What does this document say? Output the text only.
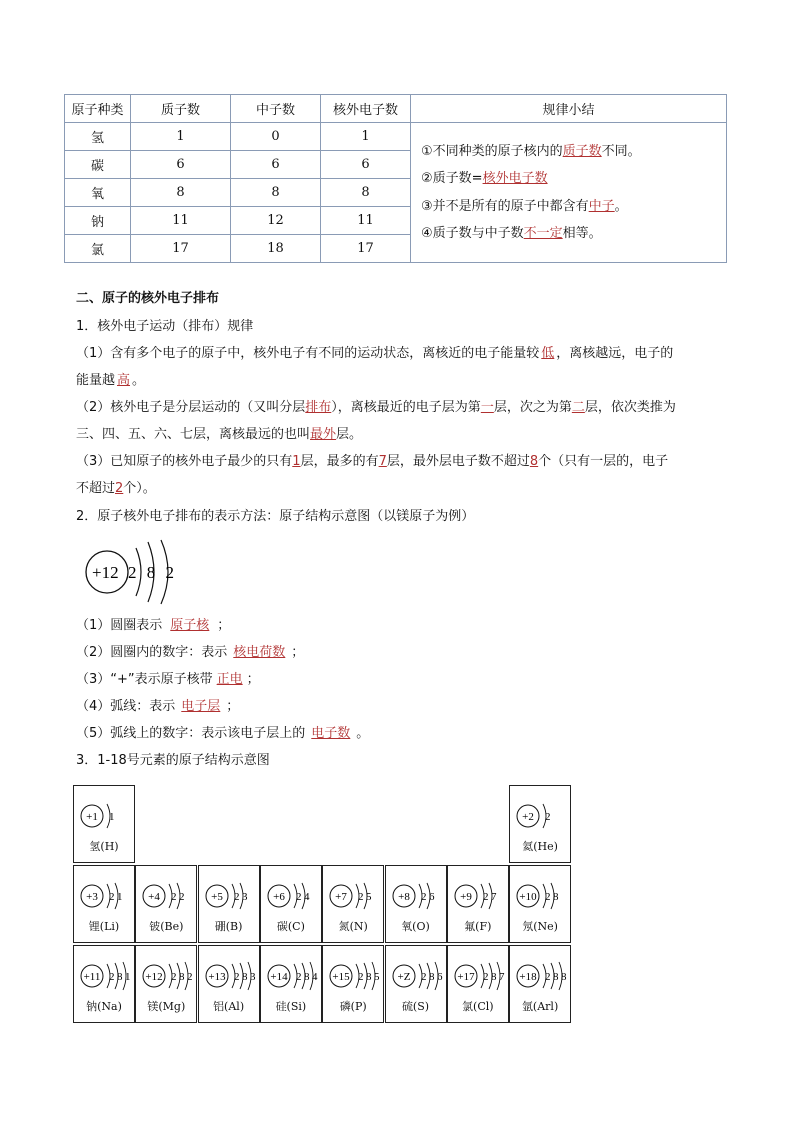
原子种类	质子数	中子数	核外电子数	规律小结
氢	1	0	1	①不同种类的原子核内的质子数不同。
②质子数=核外电子数
③并不是所有的原子中都含有中子。
④质子数与中子数不一定相等。

碳	6	6	6	
氧	8	8	8	
钠	11	12	11	
氯	17	18	17	
二、原子的核外电子排布
1．核外电子运动（排布）规律
（1）含有多个电子的原子中，核外电子有不同的运动状态，离核近的电子能量较 低 ，离核越远，电子的
能量越 高 。
（2）核外电子是分层运动的（又叫分层排布），离核最近的电子层为第一层，次之为第二层，依次类推为
三、四、五、六、七层，离核最远的也叫最外层。
（3）已知原子的核外电子最少的只有1层，最多的有7层，最外层电子数不超过8个（只有一层的，电子
不超过2个）。
2．原子核外电子排布的表示方法：原子结构示意图（以镁原子为例）
+12 2 8 2
（1）圆圈表示 原子核 ；
（2）圆圈内的数字：表示 核电荷数 ；
（3）“+”表示原子核带 正电 ；
（4）弧线：表示 电子层 ；
（5）弧线上的数字：表示该电子层上的 电子数 。
3．1-18号元素的原子结构示意图
+1 1
氢(H)
+2 2
氦(He)
+3 2 1
锂(Li)
+4 2 2
铍(Be)
+5 2 3
硼(B)
+6 2 4
碳(C)
+7 2 5
氮(N)
+8 2 6
氧(O)
+9 2 7
氟(F)
+10 2 8
氖(Ne)
+11 2 8 1
钠(Na)
+12 2 8 2
镁(Mg)
+13 2 8 3
铝(Al)
+14 2 8 4
硅(Si)
+15 2 8 5
磷(P)
+Z 2 8 6
硫(S)
+17 2 8 7
氯(Cl)
+18 2 8 8
氩(Arl)
